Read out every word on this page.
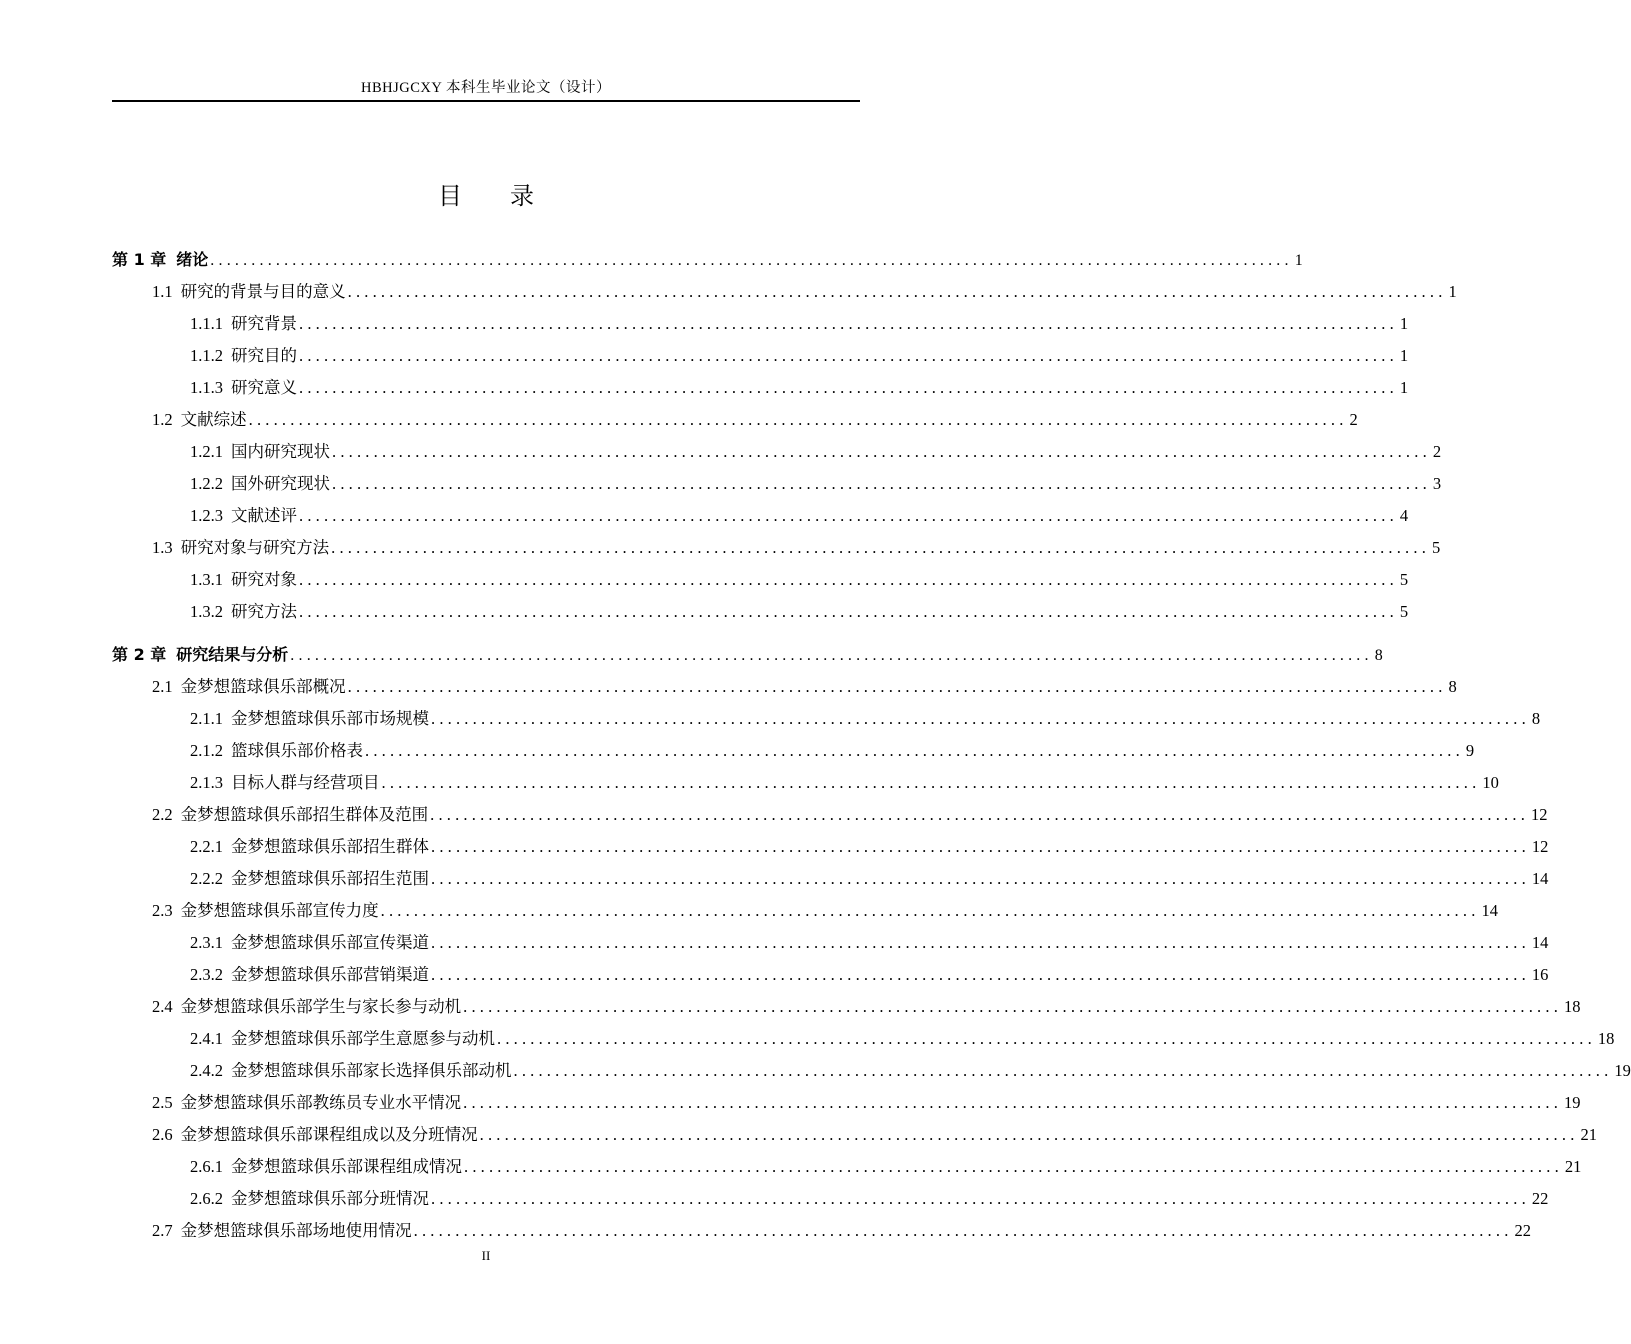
HBHJGCXY 本科生毕业论文（设计）
目 录
第 1 章 绪论 .................................................................................................................................... 1
1.1 研究的背景与目的意义 .................................................................................................................................... 1
1.1.1 研究背景 .................................................................................................................................... 1
1.1.2 研究目的 .................................................................................................................................... 1
1.1.3 研究意义 .................................................................................................................................... 1
1.2 文献综述 .................................................................................................................................... 2
1.2.1 国内研究现状 .................................................................................................................................... 2
1.2.2 国外研究现状 .................................................................................................................................... 3
1.2.3 文献述评 .................................................................................................................................... 4
1.3 研究对象与研究方法 .................................................................................................................................... 5
1.3.1 研究对象 .................................................................................................................................... 5
1.3.2 研究方法 .................................................................................................................................... 5
第 2 章 研究结果与分析 .................................................................................................................................... 8
2.1 金梦想篮球俱乐部概况 .................................................................................................................................... 8
2.1.1 金梦想篮球俱乐部市场规模 .................................................................................................................................... 8
2.1.2 篮球俱乐部价格表 .................................................................................................................................... 9
2.1.3 目标人群与经营项目 .................................................................................................................................... 10
2.2 金梦想篮球俱乐部招生群体及范围 .................................................................................................................................... 12
2.2.1 金梦想篮球俱乐部招生群体 .................................................................................................................................... 12
2.2.2 金梦想篮球俱乐部招生范围 .................................................................................................................................... 14
2.3 金梦想篮球俱乐部宣传力度 .................................................................................................................................... 14
2.3.1 金梦想篮球俱乐部宣传渠道 .................................................................................................................................... 14
2.3.2 金梦想篮球俱乐部营销渠道 .................................................................................................................................... 16
2.4 金梦想篮球俱乐部学生与家长参与动机 .................................................................................................................................... 18
2.4.1 金梦想篮球俱乐部学生意愿参与动机 .................................................................................................................................... 18
2.4.2 金梦想篮球俱乐部家长选择俱乐部动机 .................................................................................................................................... 19
2.5 金梦想篮球俱乐部教练员专业水平情况 .................................................................................................................................... 19
2.6 金梦想篮球俱乐部课程组成以及分班情况 .................................................................................................................................... 21
2.6.1 金梦想篮球俱乐部课程组成情况 .................................................................................................................................... 21
2.6.2 金梦想篮球俱乐部分班情况 .................................................................................................................................... 22
2.7 金梦想篮球俱乐部场地使用情况 .................................................................................................................................... 22
II
